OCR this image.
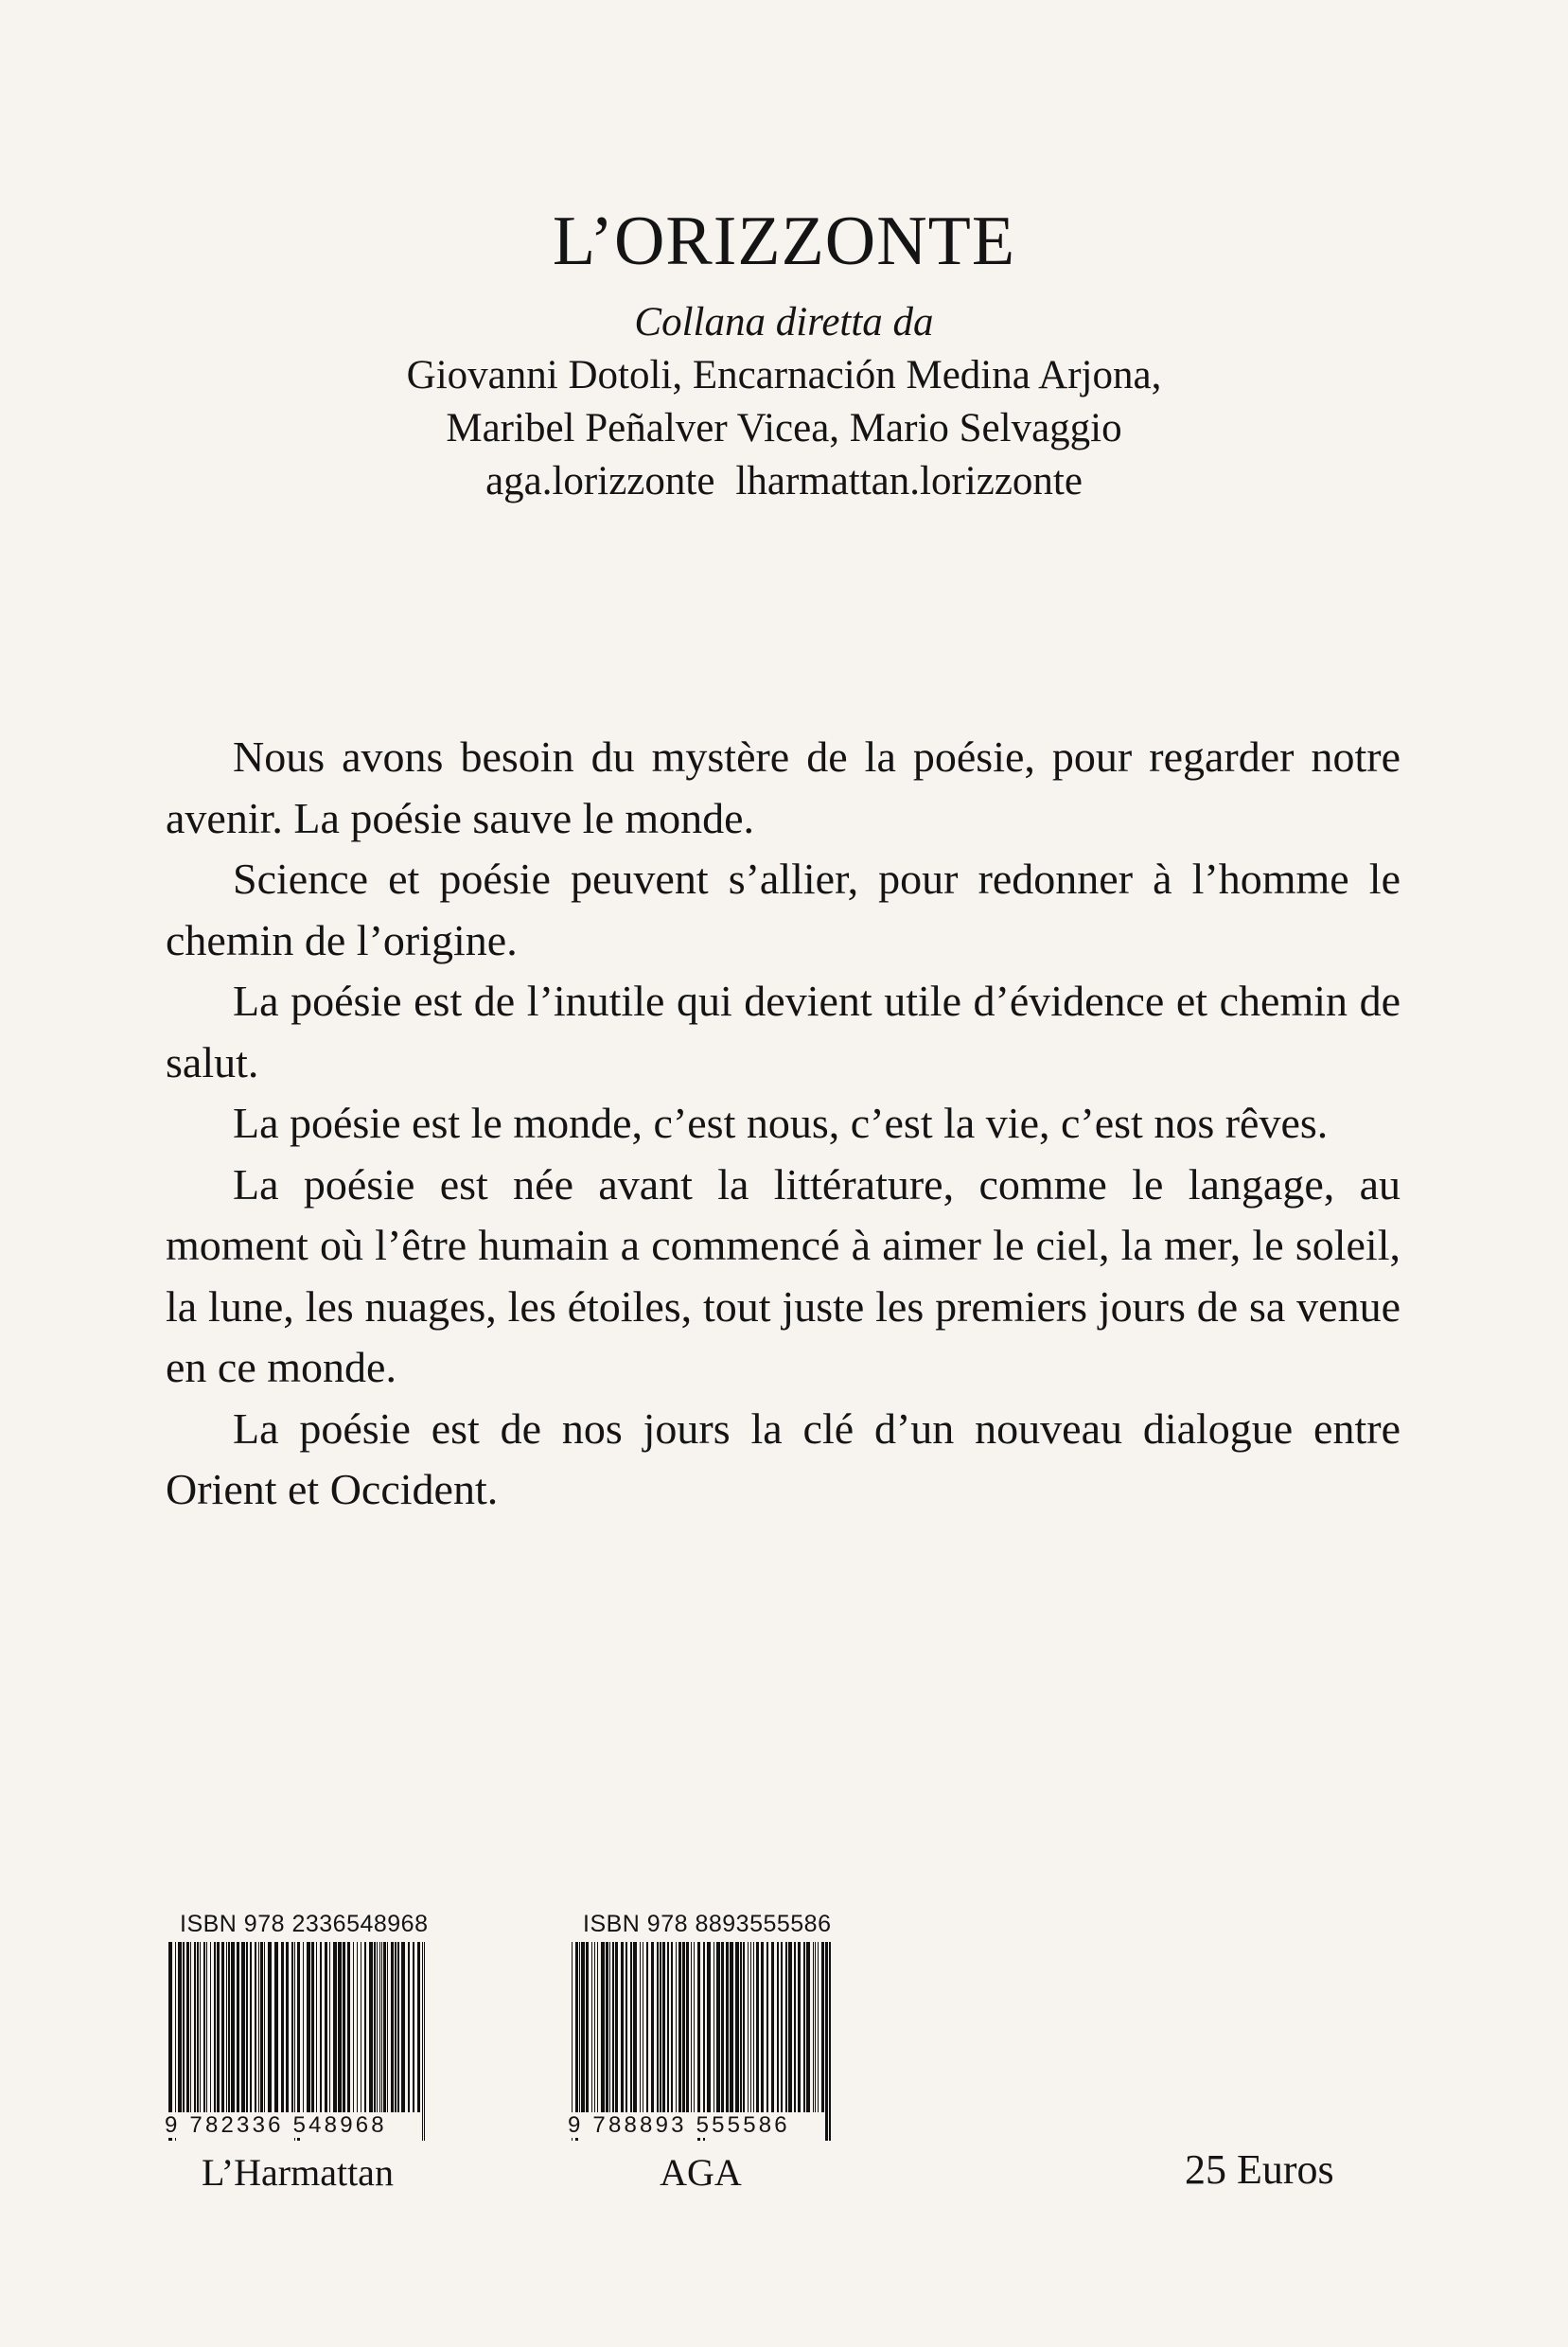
L’ORIZZONTE
Collana diretta da
Giovanni Dotoli, Encarnación Medina Arjona,
Maribel Peñalver Vicea, Mario Selvaggio
aga.lorizzonte lharmattan.lorizzonte

Nous avons besoin du mystère de la poésie, pour regarder notre avenir. La poésie sauve le monde.

Science et poésie peuvent s’allier, pour redonner à l’homme le chemin de l’origine.

La poésie est de l’inutile qui devient utile d’évidence et chemin de salut.

La poésie est le monde, c’est nous, c’est la vie, c’est nos rêves.

La poésie est née avant la littérature, comme le langage, au moment où l’être humain a commencé à aimer le ciel, la mer, le soleil, la lune, les nuages, les étoiles, tout juste les premiers jours de sa venue en ce monde.

La poésie est de nos jours la clé d’un nouveau dialogue entre Orient et Occident.

ISBN 978 2336548968
9 782336 548968
L’Harmattan
ISBN 978 8893555586
9 788893 555586
AGA	25 Euros
